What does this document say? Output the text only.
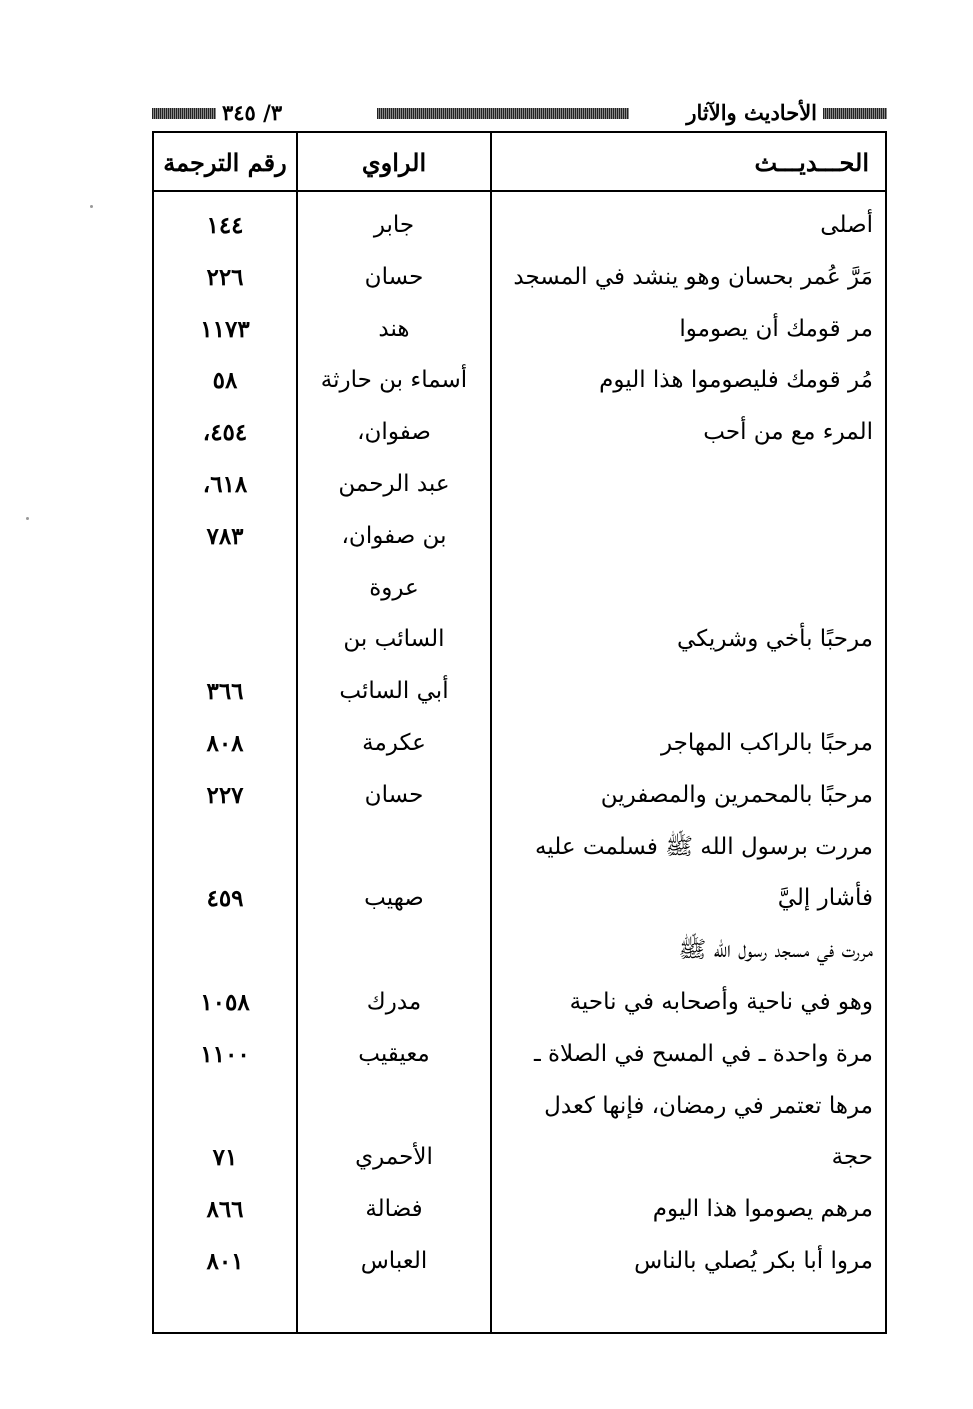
الأحاديث والآثار
٣/ ٣٤٥
الحـــديـــث
الراوي
رقم الترجمة
أصلى
جابر
١٤٤
مَرَّ عُمر بحسان وهو ينشد في المسجد
حسان
٢٢٦
مر قومك أن يصوموا
هند
١١٧٣
مُر قومك فليصوموا هذا اليوم
أسماء بن حارثة
٥٨
المرء مع من أحب
صفوان،
٤٥٤،
عبد الرحمن
٦١٨،
بن صفوان،
٧٨٣
عروة
مرحبًا بأخي وشريكي
السائب بن
أبي السائب
٣٦٦
مرحبًا بالراكب المهاجر
عكرمة
٨٠٨
مرحبًا بالمحمرين والمصفرين
حسان
٢٢٧
مررت برسول الله ﷺ فسلمت عليه
فأشار إليَّ
صهيب
٤٥٩
مررت في مسجد رسول الله ﷺ
وهو في ناحية وأصحابه في ناحية
مدرك
١٠٥٨
مرة واحدة ـ في المسح في الصلاة ـ
معيقيب
١١٠٠
مرها تعتمر في رمضان، فإنها كعدل
حجة
الأحمري
٧١
مرهم يصوموا هذا اليوم
فضالة
٨٦٦
مروا أبا بكر يُصلي بالناس
العباس
٨٠١
